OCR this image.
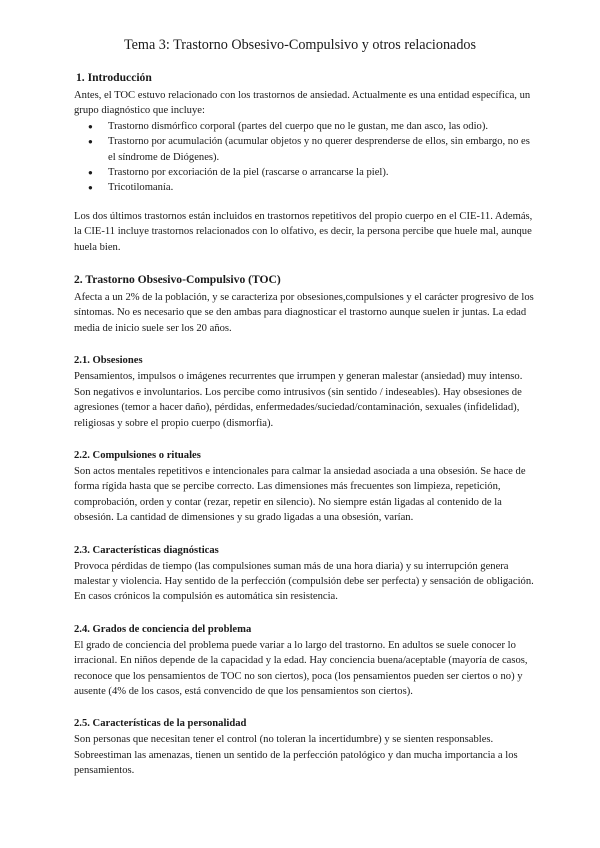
Tema 3: Trastorno Obsesivo-Compulsivo y otros relacionados
1. Introducción

Antes, el TOC estuvo relacionado con los trastornos de ansiedad. Actualmente es una entidad específica, un grupo diagnóstico que incluye:

● Trastorno dismórfico corporal (partes del cuerpo que no le gustan, me dan asco, las odio).
● Trastorno por acumulación (acumular objetos y no querer desprenderse de ellos, sin embargo, no es el síndrome de Diógenes).
● Trastorno por excoriación de la piel (rascarse o arrancarse la piel).
● Tricotilomanía.

Los dos últimos trastornos están incluidos en trastornos repetitivos del propio cuerpo en el CIE-11. Además, la CIE-11 incluye trastornos relacionados con lo olfativo, es decir, la persona percibe que huele mal, aunque huela bien.

2. Trastorno Obsesivo-Compulsivo (TOC)

Afecta a un 2% de la población, y se caracteriza por obsesiones,compulsiones y el carácter progresivo de los síntomas. No es necesario que se den ambas para diagnosticar el trastorno aunque suelen ir juntas. La edad media de inicio suele ser los 20 años.

2.1. Obsesiones

Pensamientos, impulsos o imágenes recurrentes que irrumpen y generan malestar (ansiedad) muy intenso. Son negativos e involuntarios. Los percibe como intrusivos (sin sentido / indeseables). Hay obsesiones de agresiones (temor a hacer daño), pérdidas, enfermedades/suciedad/contaminación, sexuales (infidelidad), religiosas y sobre el propio cuerpo (dismorfia).

2.2. Compulsiones o rituales

Son actos mentales repetitivos e intencionales para calmar la ansiedad asociada a una obsesión. Se hace de forma rígida hasta que se percibe correcto. Las dimensiones más frecuentes son limpieza, repetición, comprobación, orden y contar (rezar, repetir en silencio). No siempre están ligadas al contenido de la obsesión. La cantidad de dimensiones y su grado ligadas a una obsesión, varían.

2.3. Características diagnósticas

Provoca pérdidas de tiempo (las compulsiones suman más de una hora diaria) y su interrupción genera malestar y violencia. Hay sentido de la perfección (compulsión debe ser perfecta) y sensación de obligación. En casos crónicos la compulsión es automática sin resistencia.

2.4. Grados de conciencia del problema

El grado de conciencia del problema puede variar a lo largo del trastorno. En adultos se suele conocer lo irracional. En niños depende de la capacidad y la edad. Hay conciencia buena/aceptable (mayoría de casos, reconoce que los pensamientos de TOC no son ciertos), poca (los pensamientos pueden ser ciertos o no) y ausente (4% de los casos, está convencido de que los pensamientos son ciertos).

2.5. Características de la personalidad

Son personas que necesitan tener el control (no toleran la incertidumbre) y se sienten responsables. Sobreestiman las amenazas, tienen un sentido de la perfección patológico y dan mucha importancia a los pensamientos.
